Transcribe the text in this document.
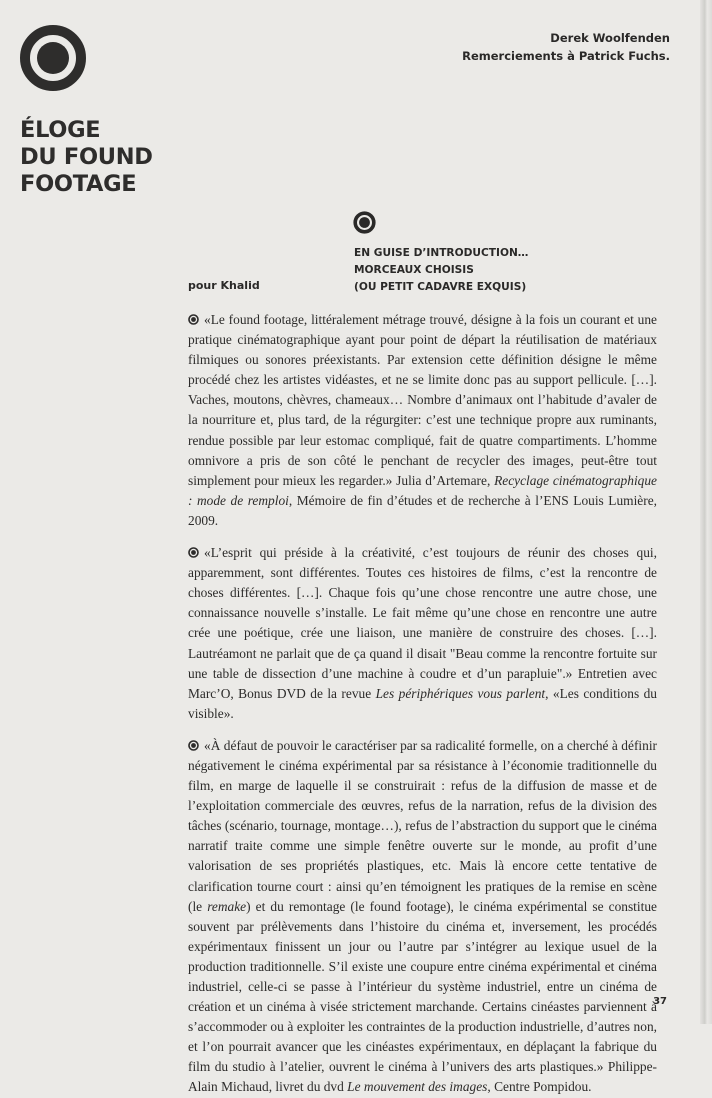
Derek Woolfenden
Remerciements à Patrick Fuchs.
ÉLOGE
DU FOUND
FOOTAGE
EN GUISE D’INTRODUCTION…
MORCEAUX CHOISIS
(OU PETIT CADAVRE EXQUIS)
pour Khalid

«Le found footage, littéralement métrage trouvé, désigne à la fois un courant et une pratique cinématographique ayant pour point de départ la réutilisation de matériaux filmiques ou sonores préexistants. Par extension cette définition désigne le même procédé chez les artistes vidéastes, et ne se limite donc pas au support pellicule. […]. Vaches, moutons, chèvres, chameaux… Nombre d’animaux ont l’habitude d’avaler de la nourriture et, plus tard, de la régurgiter: c’est une technique propre aux ruminants, rendue possible par leur estomac compliqué, fait de quatre compartiments. L’homme omnivore a pris de son côté le penchant de recycler des images, peut-être tout simplement pour mieux les regarder.» Julia d’Artemare, Recyclage cinématographique : mode de remploi, Mémoire de fin d’études et de recherche à l’ENS Louis Lumière, 2009.

«L’esprit qui préside à la créativité, c’est toujours de réunir des choses qui, apparemment, sont différentes. Toutes ces histoires de films, c’est la rencontre de choses différentes. […]. Chaque fois qu’une chose rencontre une autre chose, une connaissance nouvelle s’installe. Le fait même qu’une chose en rencontre une autre crée une poétique, crée une liaison, une manière de construire des choses. […]. Lautréamont ne parlait que de ça quand il disait "Beau comme la rencontre fortuite sur une table de dissection d’une machine à coudre et d’un parapluie".» Entretien avec Marc’O, Bonus DVD de la revue Les périphériques vous parlent, «Les conditions du visible».

«À défaut de pouvoir le caractériser par sa radicalité formelle, on a cherché à définir négativement le cinéma expérimental par sa résistance à l’économie traditionnelle du film, en marge de laquelle il se construirait : refus de la diffusion de masse et de l’exploitation commerciale des œuvres, refus de la narration, refus de la division des tâches (scénario, tournage, montage…), refus de l’abstraction du support que le cinéma narratif traite comme une simple fenêtre ouverte sur le monde, au profit d’une valorisation de ses propriétés plastiques, etc. Mais là encore cette tentative de clarification tourne court : ainsi qu’en témoignent les pratiques de la remise en scène (le remake) et du remontage (le found footage), le cinéma expérimental se constitue souvent par prélèvements dans l’histoire du cinéma et, inversement, les procédés expérimentaux finissent un jour ou l’autre par s’intégrer au lexique usuel de la production traditionnelle. S’il existe une coupure entre cinéma expérimental et cinéma industriel, celle-ci se passe à l’intérieur du système industriel, entre un cinéma de création et un cinéma à visée strictement marchande. Certains cinéastes parviennent à s’accommoder ou à exploiter les contraintes de la production industrielle, d’autres non, et l’on pourrait avancer que les cinéastes expérimentaux, en déplaçant la fabrique du film du studio à l’atelier, ouvrent le cinéma à l’univers des arts plastiques.» Philippe-Alain Michaud, livret du dvd Le mouvement des images, Centre Pompidou.

37
